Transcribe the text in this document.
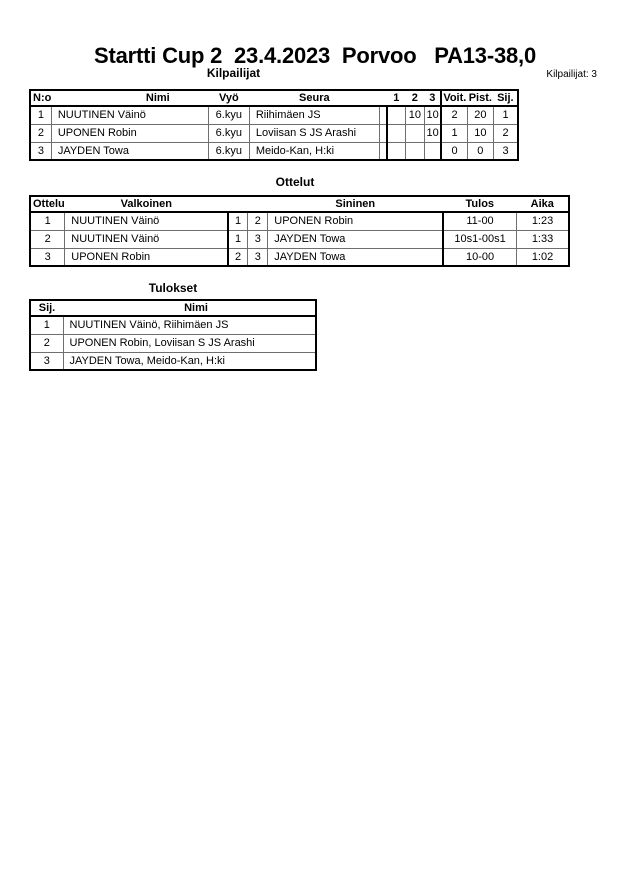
Startti Cup 2  23.4.2023  Porvoo   PA13-38,0
Kilpailijat	Kilpailijat: 3
N:o	Nimi	Vyö	Seura		1	2	3	Voit.	Pist.	Sij.
1	NUUTINEN Väinö	6.kyu	Riihimäen JS			10	10	2	20	1
2	UPONEN Robin	6.kyu	Loviisan S JS Arashi				10	1	10	2
3	JAYDEN Towa	6.kyu	Meido-Kan, H:ki					0	0	3
Ottelut
Ottelu	Valkoinen			Sininen	Tulos	Aika
1	NUUTINEN Väinö	1	2	UPONEN Robin	11-00	1:23
2	NUUTINEN Väinö	1	3	JAYDEN Towa	10s1-00s1	1:33
3	UPONEN Robin	2	3	JAYDEN Towa	10-00	1:02
Tulokset
Sij.	Nimi
1	NUUTINEN Väinö, Riihimäen JS
2	UPONEN Robin, Loviisan S JS Arashi
3	JAYDEN Towa, Meido-Kan, H:ki
